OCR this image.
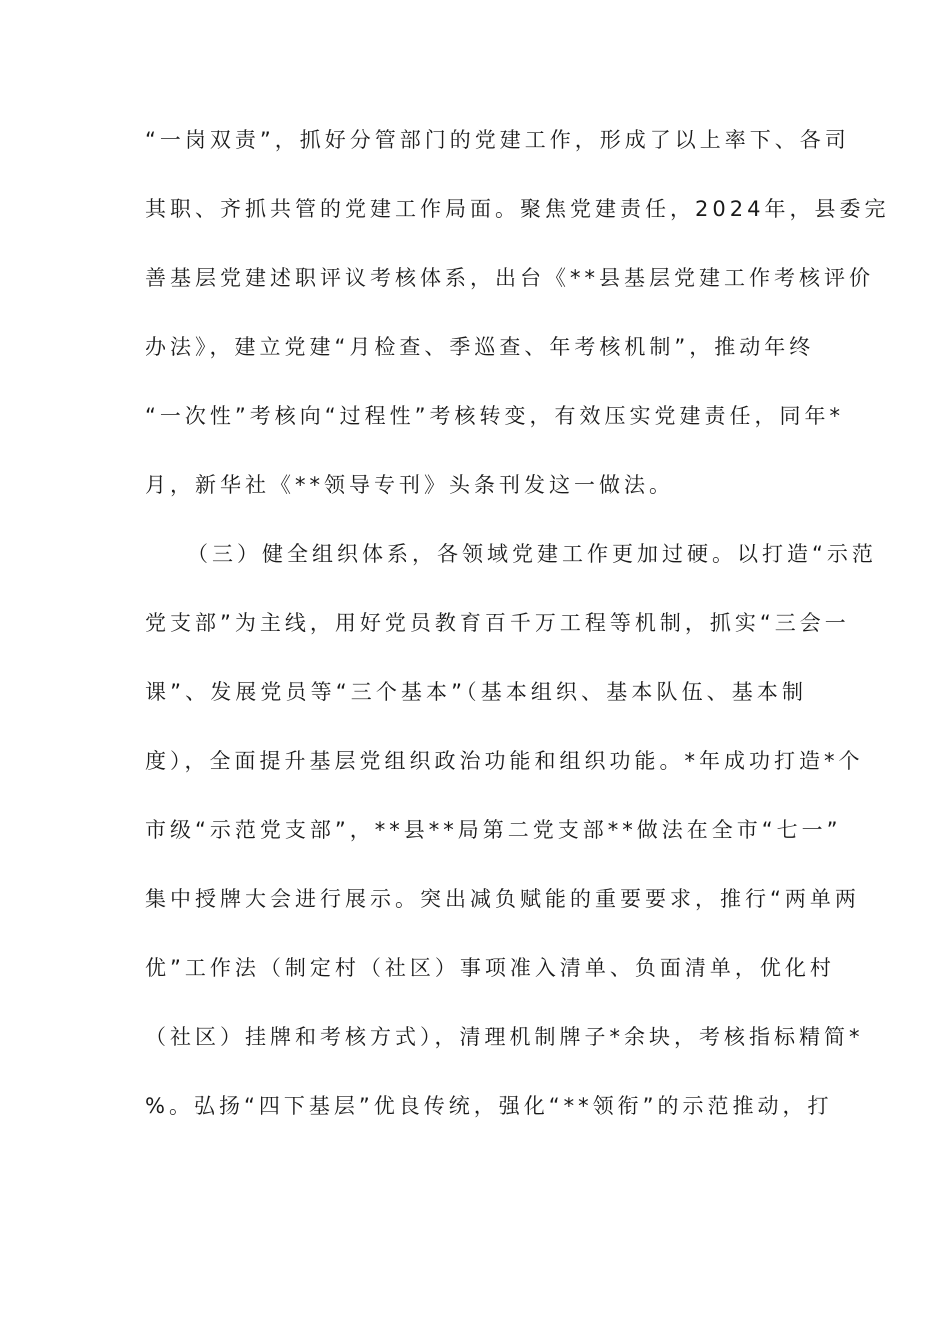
“一岗双责”，抓好分管部门的党建工作，形成了以上率下、各司
其职、齐抓共管的党建工作局面。聚焦党建责任，2024年，县委完
善基层党建述职评议考核体系，出台《**县基层党建工作考核评价
办法》，建立党建“月检查、季巡查、年考核机制”，推动年终
“一次性”考核向“过程性”考核转变，有效压实党建责任，同年*
月，新华社《**领导专刊》头条刊发这一做法。
（三）健全组织体系，各领域党建工作更加过硬。以打造“示范
党支部”为主线，用好党员教育百千万工程等机制，抓实“三会一
课”、发展党员等“三个基本”（基本组织、基本队伍、基本制
度），全面提升基层党组织政治功能和组织功能。*年成功打造*个
市级“示范党支部”，**县**局第二党支部**做法在全市“七一”
集中授牌大会进行展示。突出减负赋能的重要要求，推行“两单两
优”工作法（制定村（社区）事项准入清单、负面清单，优化村
（社区）挂牌和考核方式），清理机制牌子*余块，考核指标精简*
%。弘扬“四下基层”优良传统，强化“**领衔”的示范推动，打
